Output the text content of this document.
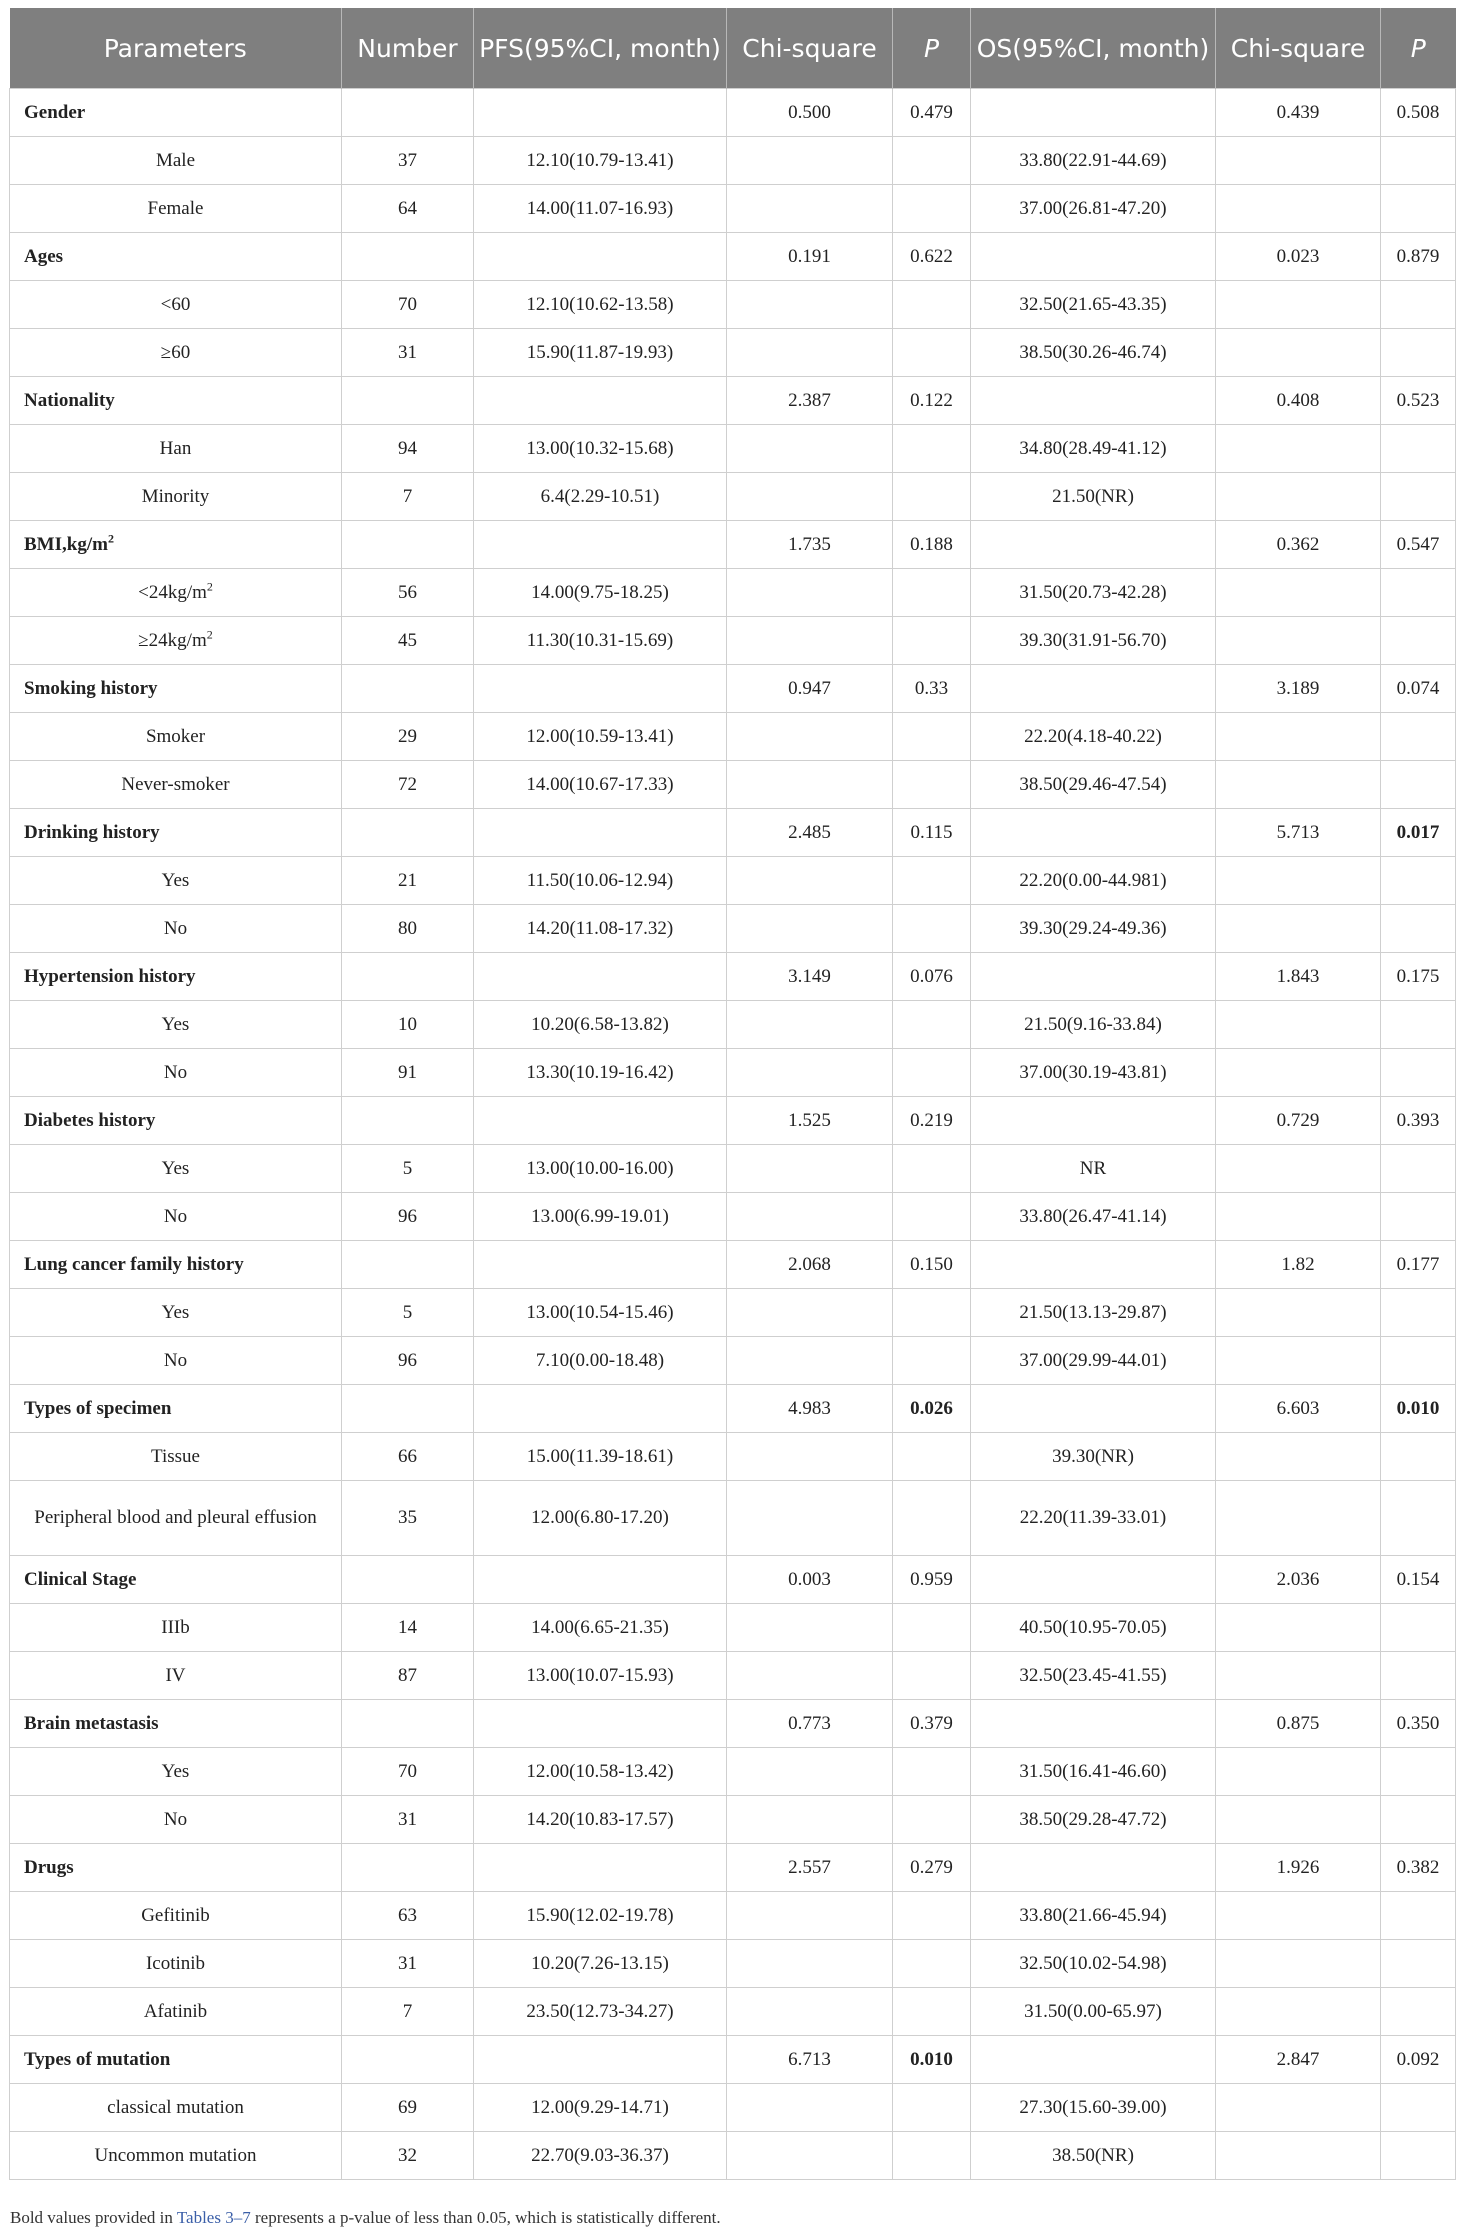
Parameters	Number	PFS(95%CI, month)	Chi-square	P	OS(95%CI, month)	Chi-square	P
Gender			0.500	0.479		0.439	0.508
Male	37	12.10(10.79-13.41)			33.80(22.91-44.69)		
Female	64	14.00(11.07-16.93)			37.00(26.81-47.20)		
Ages			0.191	0.622		0.023	0.879
<60	70	12.10(10.62-13.58)			32.50(21.65-43.35)		
≥60	31	15.90(11.87-19.93)			38.50(30.26-46.74)		
Nationality			2.387	0.122		0.408	0.523
Han	94	13.00(10.32-15.68)			34.80(28.49-41.12)		
Minority	7	6.4(2.29-10.51)			21.50(NR)		
$BMI,kg/m^2$			1.735	0.188		0.362	0.547
$<24kg/m^2$	56	14.00(9.75-18.25)			31.50(20.73-42.28)		
$\ge 24kg/m^2$	45	11.30(10.31-15.69)			39.30(31.91-56.70)		
Smoking history			0.947	0.33		3.189	0.074
Smoker	29	12.00(10.59-13.41)			22.20(4.18-40.22)		
Never-smoker	72	14.00(10.67-17.33)			38.50(29.46-47.54)		
Drinking history			2.485	0.115		5.713	0.017
Yes	21	11.50(10.06-12.94)			22.20(0.00-44.981)		
No	80	14.20(11.08-17.32)			39.30(29.24-49.36)		
Hypertension history			3.149	0.076		1.843	0.175
Yes	10	10.20(6.58-13.82)			21.50(9.16-33.84)		
No	91	13.30(10.19-16.42)			37.00(30.19-43.81)		
Diabetes history			1.525	0.219		0.729	0.393
Yes	5	13.00(10.00-16.00)			NR		
No	96	13.00(6.99-19.01)			33.80(26.47-41.14)		
Lung cancer family history			2.068	0.150		1.82	0.177
Yes	5	13.00(10.54-15.46)			21.50(13.13-29.87)		
No	96	7.10(0.00-18.48)			37.00(29.99-44.01)		
Types of specimen			4.983	0.026		6.603	0.010
Tissue	66	15.00(11.39-18.61)			39.30(NR)		
Peripheral blood and pleural effusion	35	12.00(6.80-17.20)			22.20(11.39-33.01)		
Clinical Stage			0.003	0.959		2.036	0.154
IIIb	14	14.00(6.65-21.35)			40.50(10.95-70.05)		
IV	87	13.00(10.07-15.93)			32.50(23.45-41.55)		
Brain metastasis			0.773	0.379		0.875	0.350
Yes	70	12.00(10.58-13.42)			31.50(16.41-46.60)		
No	31	14.20(10.83-17.57)			38.50(29.28-47.72)		
Drugs			2.557	0.279		1.926	0.382
Gefitinib	63	15.90(12.02-19.78)			33.80(21.66-45.94)		
Icotinib	31	10.20(7.26-13.15)			32.50(10.02-54.98)		
Afatinib	7	23.50(12.73-34.27)			31.50(0.00-65.97)		
Types of mutation			6.713	0.010		2.847	0.092
classical mutation	69	12.00(9.29-14.71)			27.30(15.60-39.00)		
Uncommon mutation	32	22.70(9.03-36.37)			38.50(NR)		
Bold values provided in Tables 3–7 represents a p-value of less than 0.05, which is statistically different.
